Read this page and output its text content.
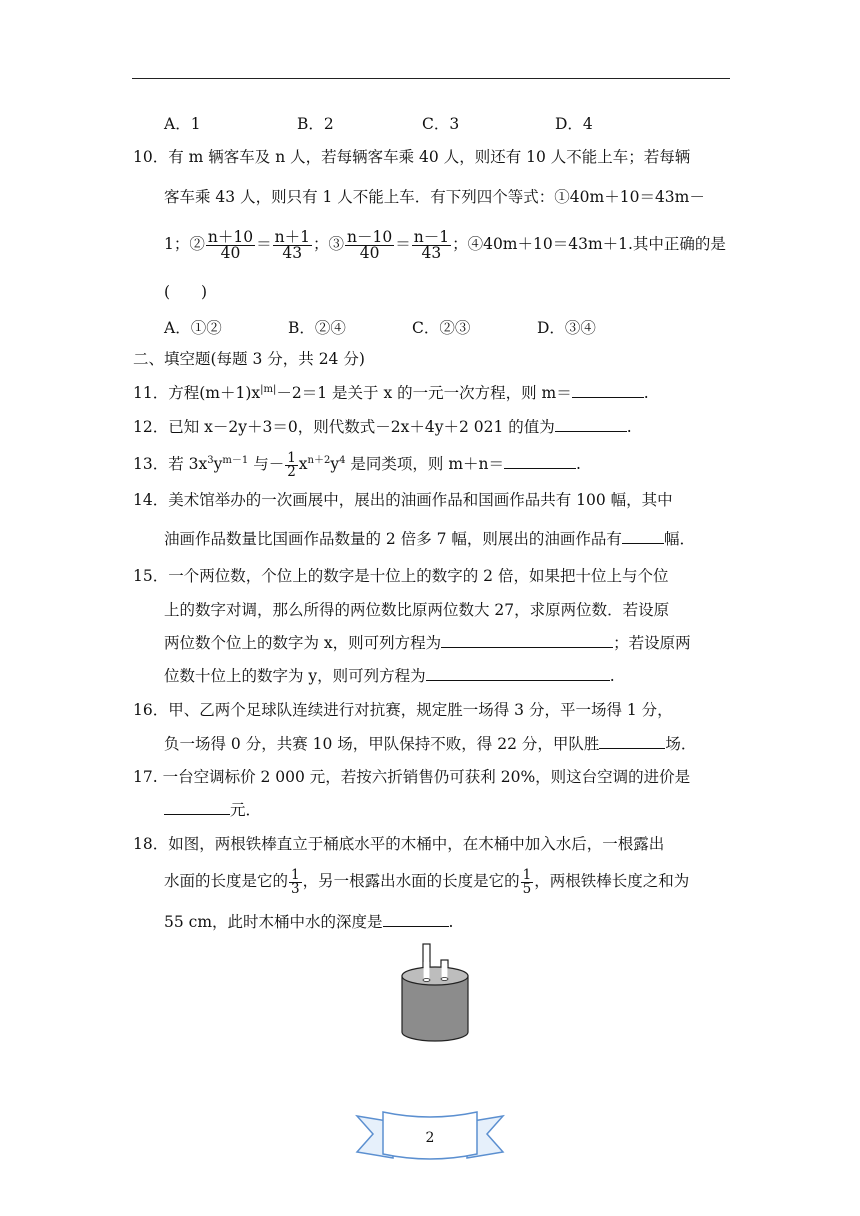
A．1	B．2	C．3	D．4
10．有 m 辆客车及 n 人，若每辆客车乘 40 人，则还有 10 人不能上车；若每辆
客车乘 43 人，则只有 1 人不能上车．有下列四个等式：①40m＋10＝43m－
1；② $\frac{n+10}{40} = \frac{n+1}{43}$ ；③ $\frac{n-10}{40} = \frac{n-1}{43}$ ；④40m＋10＝43m＋1.其中正确的是
(　　)
A．①②	B．②④	C．②③	D．③④
二、填空题(每题 3 分，共 24 分)
11．方程$(m+1)x^{|m|}-2=1$ 是关于 x 的一元一次方程，则 m＝	.
12．已知 x－2y＋3＝0，则代数式－2x＋4y＋2 021 的值为	.
13．若 $3x^3y^{m-1}$ 与－ $\frac{1}{2} x^{n+2}y^4$ 是同类项，则 m＋n＝	.
14．美术馆举办的一次画展中，展出的油画作品和国画作品共有 100 幅，其中
油画作品数量比国画作品数量的 2 倍多 7 幅，则展出的油画作品有	幅．
15．一个两位数，个位上的数字是十位上的数字的 2 倍，如果把十位上与个位
上的数字对调，那么所得的两位数比原两位数大 27，求原两位数．若设原
两位数个位上的数字为 x，则可列方程为	；若设原两
位数十位上的数字为 y，则可列方程为	.
16．甲、乙两个足球队连续进行对抗赛，规定胜一场得 3 分，平一场得 1 分，
负一场得 0 分，共赛 10 场，甲队保持不败，得 22 分，甲队胜	场．
17. 一台空调标价 2 000 元，若按六折销售仍可获利 20%，则这台空调的进价是
元．
18．如图，两根铁棒直立于桶底水平的木桶中，在木桶中加入水后，一根露出
水面的长度是它的 $\frac{1}{3}$ ，另一根露出水面的长度是它的 $\frac{1}{5}$ ，两根铁棒长度之和为
55 cm，此时木桶中水的深度是	.
2
